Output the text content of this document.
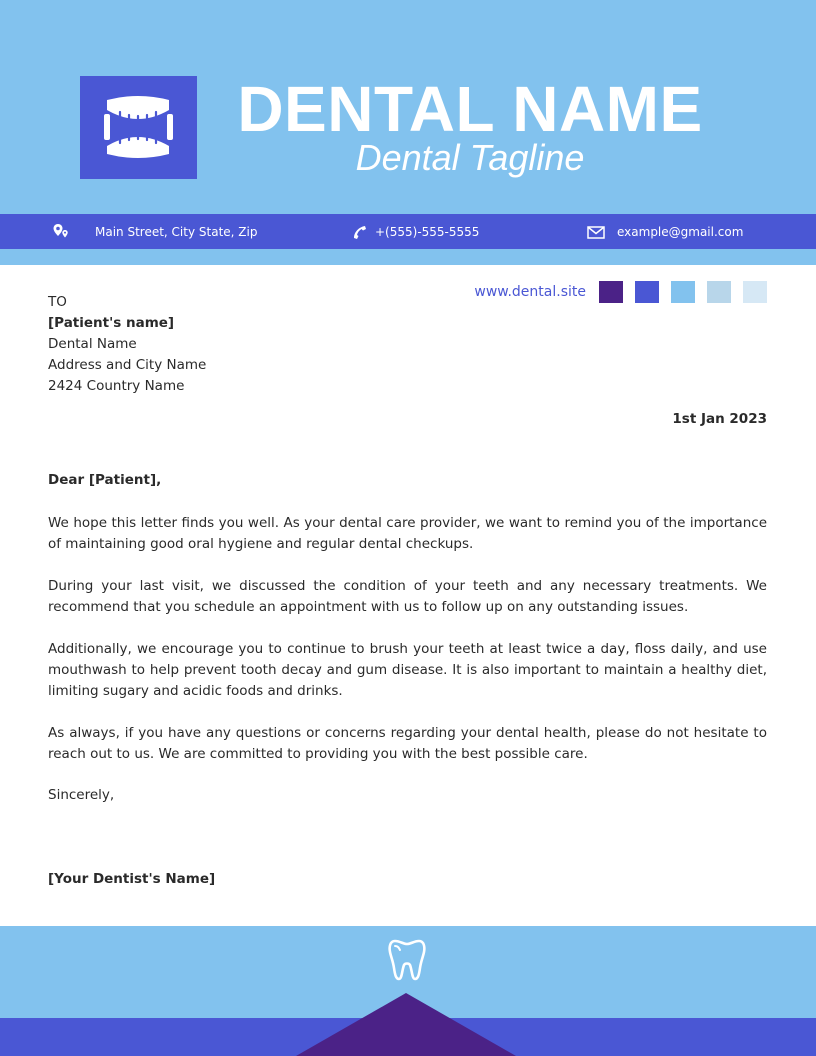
DENTAL NAME
Dental Tagline
Main Street, City State, Zip	+(555)-555-5555	example@gmail.com
www.dental.site
TO
[Patient's name]
Dental Name
Address and City Name
2424 Country Name
1st Jan 2023
Dear [Patient],
We hope this letter finds you well. As your dental care provider, we want to remind you of the importance of maintaining good oral hygiene and regular dental checkups.
During your last visit, we discussed the condition of your teeth and any necessary treatments. We recommend that you schedule an appointment with us to follow up on any outstanding issues.
Additionally, we encourage you to continue to brush your teeth at least twice a day, floss daily, and use mouthwash to help prevent tooth decay and gum disease. It is also important to maintain a healthy diet, limiting sugary and acidic foods and drinks.
As always, if you have any questions or concerns regarding your dental health, please do not hesitate to reach out to us. We are committed to providing you with the best possible care.
Sincerely,
[Your Dentist's Name]
